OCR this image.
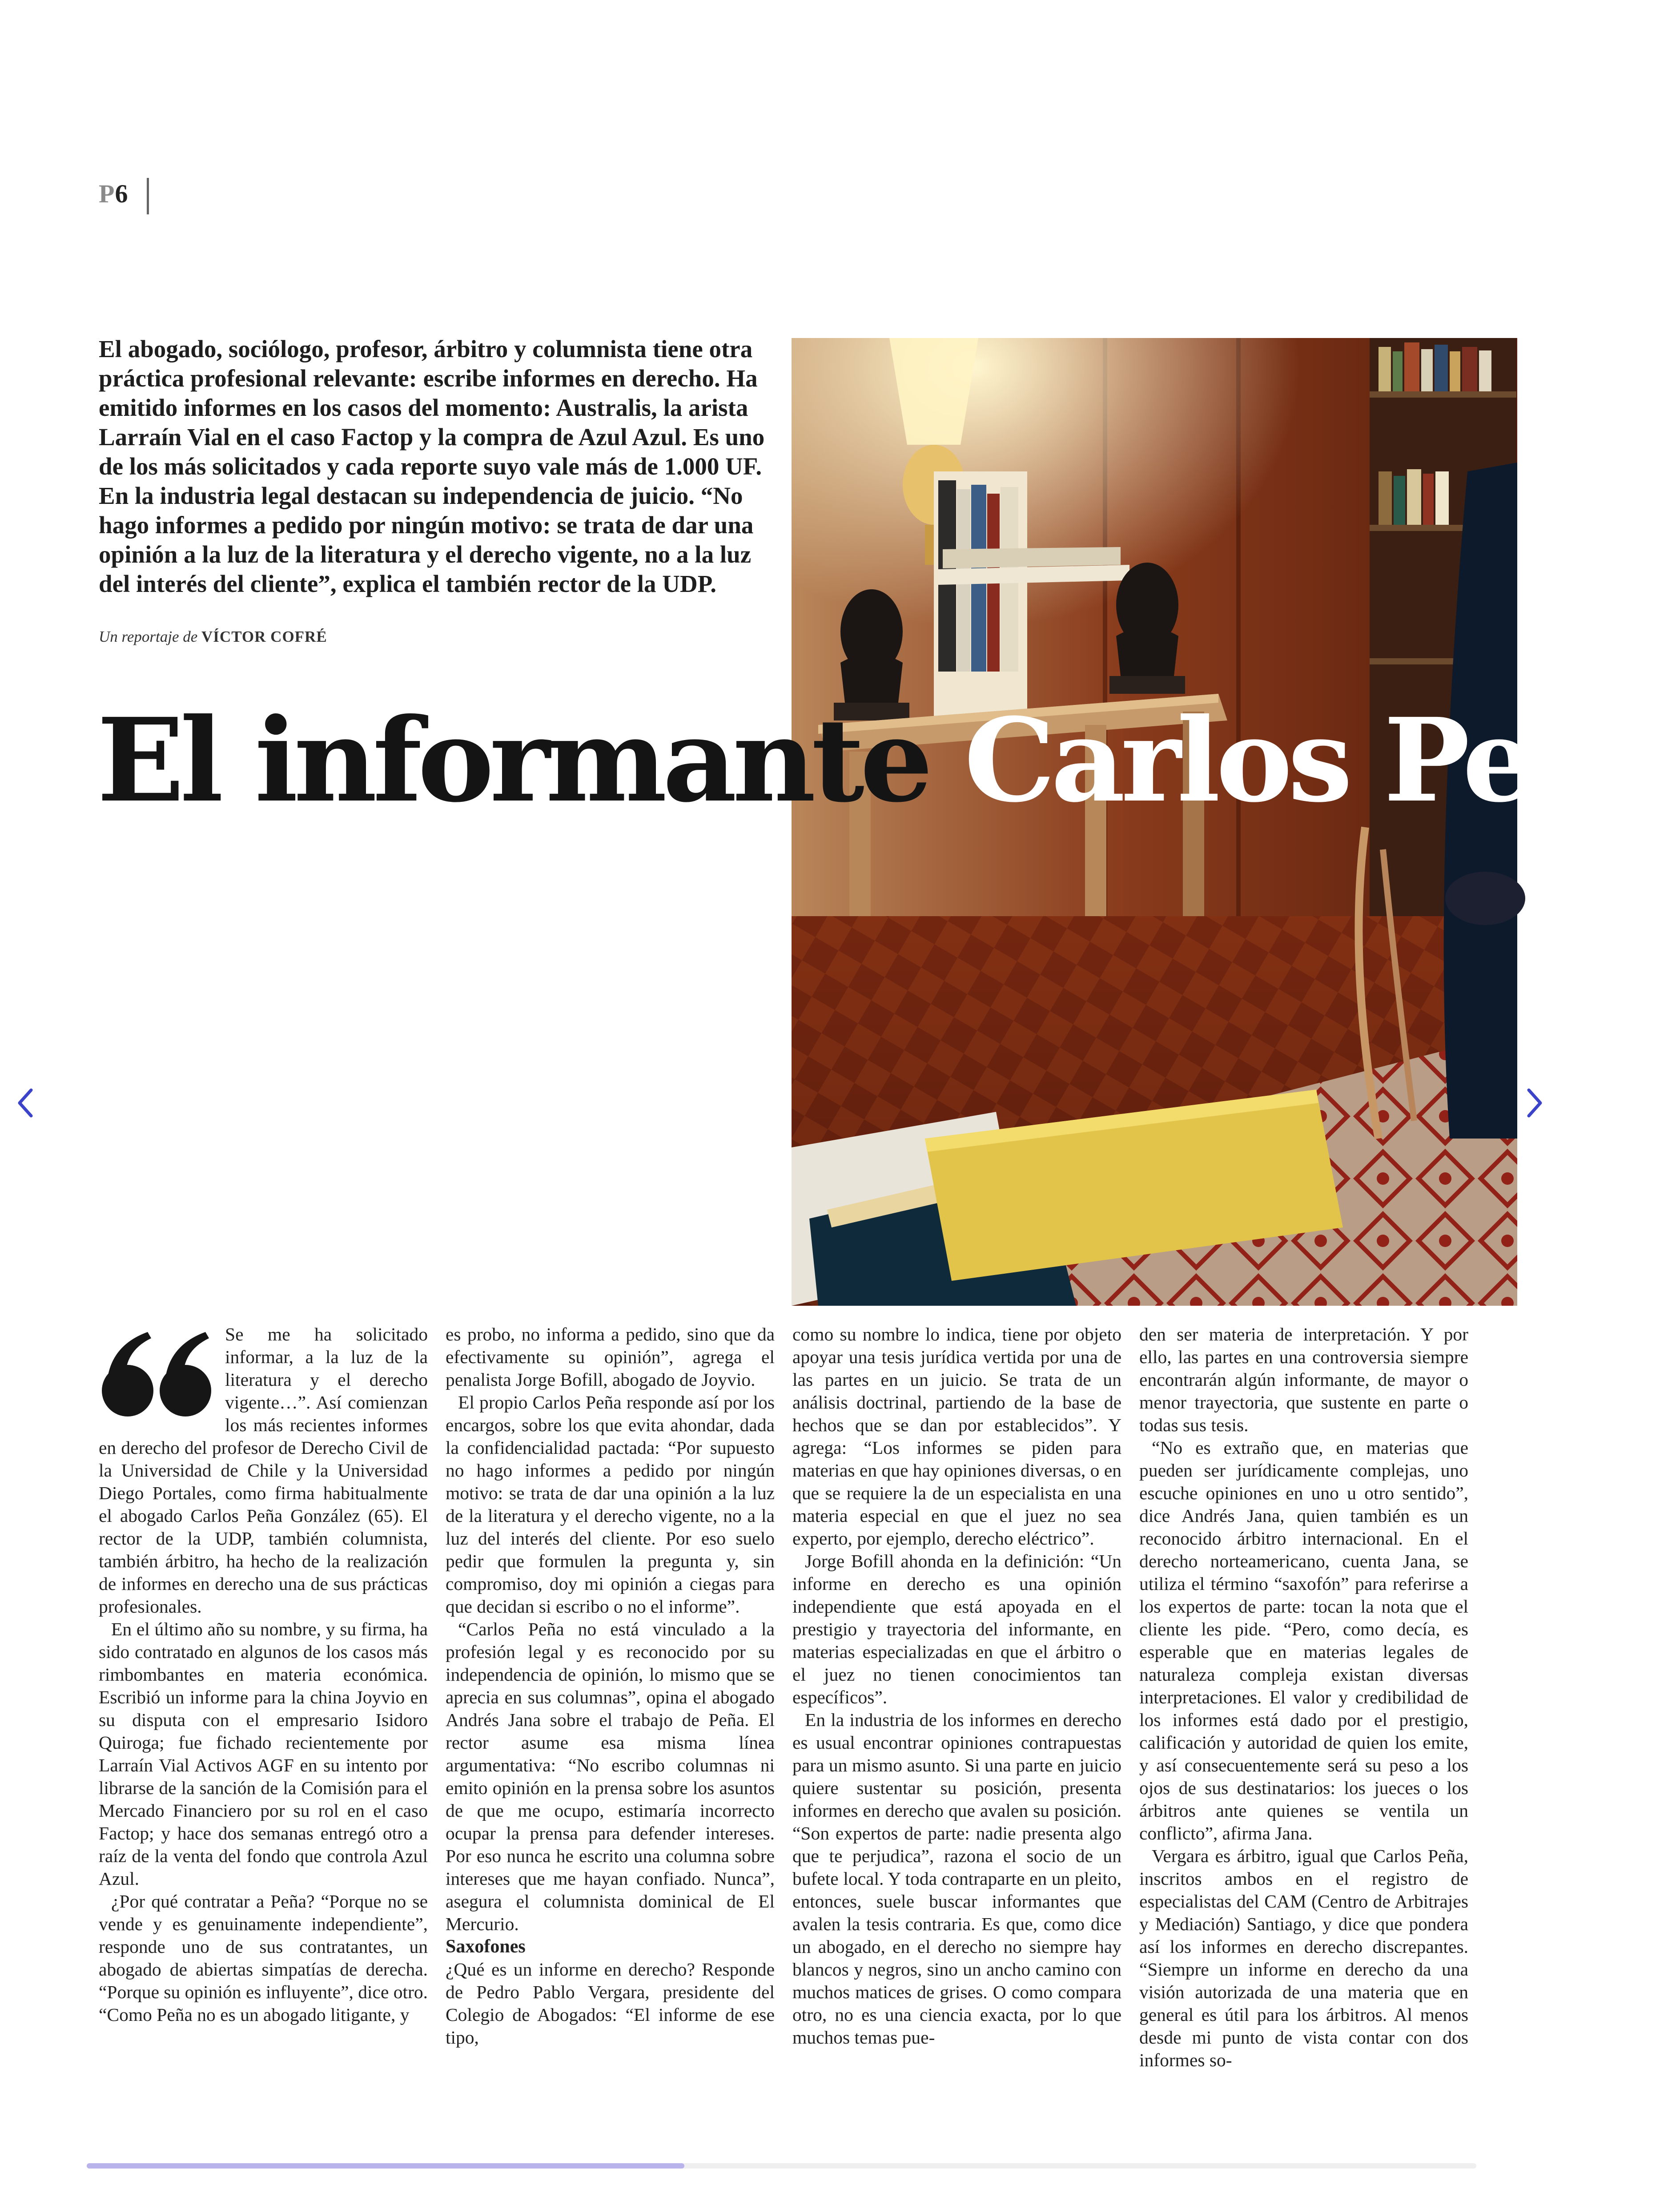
P6
El abogado, sociólogo, profesor, árbitro y columnista tiene otra práctica profesional relevante: escribe informes en derecho. Ha emitido informes en los casos del momento: Australis, la arista Larraín Vial en el caso Factop y la compra de Azul Azul. Es uno de los más solicitados y cada reporte suyo vale más de 1.000 UF. En la industria legal destacan su independencia de juicio. “No hago informes a pedido por ningún motivo: se trata de dar una opinión a la luz de la literatura y el derecho vigente, no a la luz del interés del cliente”, explica el también rector de la UDP.
Un reportaje de VÍCTOR COFRÉ
El informante Carlos Peña

Se me ha solicitado informar, a la luz de la literatura y el derecho vigente…”. Así comienzan los más recientes informes en derecho del profesor de Derecho Civil de la Universidad de Chile y la Universidad Diego Portales, como firma habitualmente el abogado Carlos Peña González (65). El rector de la UDP, también columnista, también árbitro, ha hecho de la realización de informes en derecho una de sus prácticas profesionales.

En el último año su nombre, y su firma, ha sido contratado en algunos de los casos más rimbombantes en materia económica. Escribió un informe para la china Joyvio en su disputa con el empresario Isidoro Quiroga; fue fichado recientemente por Larraín Vial Activos AGF en su intento por librarse de la sanción de la Comisión para el Mercado Financiero por su rol en el caso Factop; y hace dos semanas entregó otro a raíz de la venta del fondo que controla Azul Azul.

¿Por qué contratar a Peña? “Porque no se vende y es genuinamente independiente”, responde uno de sus contratantes, un abogado de abiertas simpatías de derecha. “Porque su opinión es influyente”, dice otro. “Como Peña no es un abogado litigante, y

es probo, no informa a pedido, sino que da efectivamente su opinión”, agrega el penalista Jorge Bofill, abogado de Joyvio.

El propio Carlos Peña responde así por los encargos, sobre los que evita ahondar, dada la confidencialidad pactada: “Por supuesto no hago informes a pedido por ningún motivo: se trata de dar una opinión a la luz de la literatura y el derecho vigente, no a la luz del interés del cliente. Por eso suelo pedir que formulen la pregunta y, sin compromiso, doy mi opinión a ciegas para que decidan si escribo o no el informe”.

“Carlos Peña no está vinculado a la profesión legal y es reconocido por su independencia de opinión, lo mismo que se aprecia en sus columnas”, opina el abogado Andrés Jana sobre el trabajo de Peña. El rector asume esa misma línea argumentativa: “No escribo columnas ni emito opinión en la prensa sobre los asuntos de que me ocupo, estimaría incorrecto ocupar la prensa para defender intereses. Por eso nunca he escrito una columna sobre intereses que me hayan confiado. Nunca”, asegura el columnista dominical de El Mercurio.

Saxofones

¿Qué es un informe en derecho? Responde de Pedro Pablo Vergara, presidente del Colegio de Abogados: “El informe de ese tipo,

como su nombre lo indica, tiene por objeto apoyar una tesis jurídica vertida por una de las partes en un juicio. Se trata de un análisis doctrinal, partiendo de la base de hechos que se dan por establecidos”. Y agrega: “Los informes se piden para materias en que hay opiniones diversas, o en que se requiere la de un especialista en una materia especial en que el juez no sea experto, por ejemplo, derecho eléctrico”.

Jorge Bofill ahonda en la definición: “Un informe en derecho es una opinión independiente que está apoyada en el prestigio y trayectoria del informante, en materias especializadas en que el árbitro o el juez no tienen conocimientos tan específicos”.

En la industria de los informes en derecho es usual encontrar opiniones contrapuestas para un mismo asunto. Si una parte en juicio quiere sustentar su posición, presenta informes en derecho que avalen su posición. “Son expertos de parte: nadie presenta algo que te perjudica”, razona el socio de un bufete local. Y toda contraparte en un pleito, entonces, suele buscar informantes que avalen la tesis contraria. Es que, como dice un abogado, en el derecho no siempre hay blancos y negros, sino un ancho camino con muchos matices de grises. O como compara otro, no es una ciencia exacta, por lo que muchos temas pue-

den ser materia de interpretación. Y por ello, las partes en una controversia siempre encontrarán algún informante, de mayor o menor trayectoria, que sustente en parte o todas sus tesis.

“No es extraño que, en materias que pueden ser jurídicamente complejas, uno escuche opiniones en uno u otro sentido”, dice Andrés Jana, quien también es un reconocido árbitro internacional. En el derecho norteamericano, cuenta Jana, se utiliza el término “saxofón” para referirse a los expertos de parte: tocan la nota que el cliente les pide. “Pero, como decía, es esperable que en materias legales de naturaleza compleja existan diversas interpretaciones. El valor y credibilidad de los informes está dado por el prestigio, calificación y autoridad de quien los emite, y así consecuentemente será su peso a los ojos de sus destinatarios: los jueces o los árbitros ante quienes se ventila un conflicto”, afirma Jana.

Vergara es árbitro, igual que Carlos Peña, inscritos ambos en el registro de especialistas del CAM (Centro de Arbitrajes y Mediación) Santiago, y dice que pondera así los informes en derecho discrepantes. “Siempre un informe en derecho da una visión autorizada de una materia que en general es útil para los árbitros. Al menos desde mi punto de vista contar con dos informes so-
